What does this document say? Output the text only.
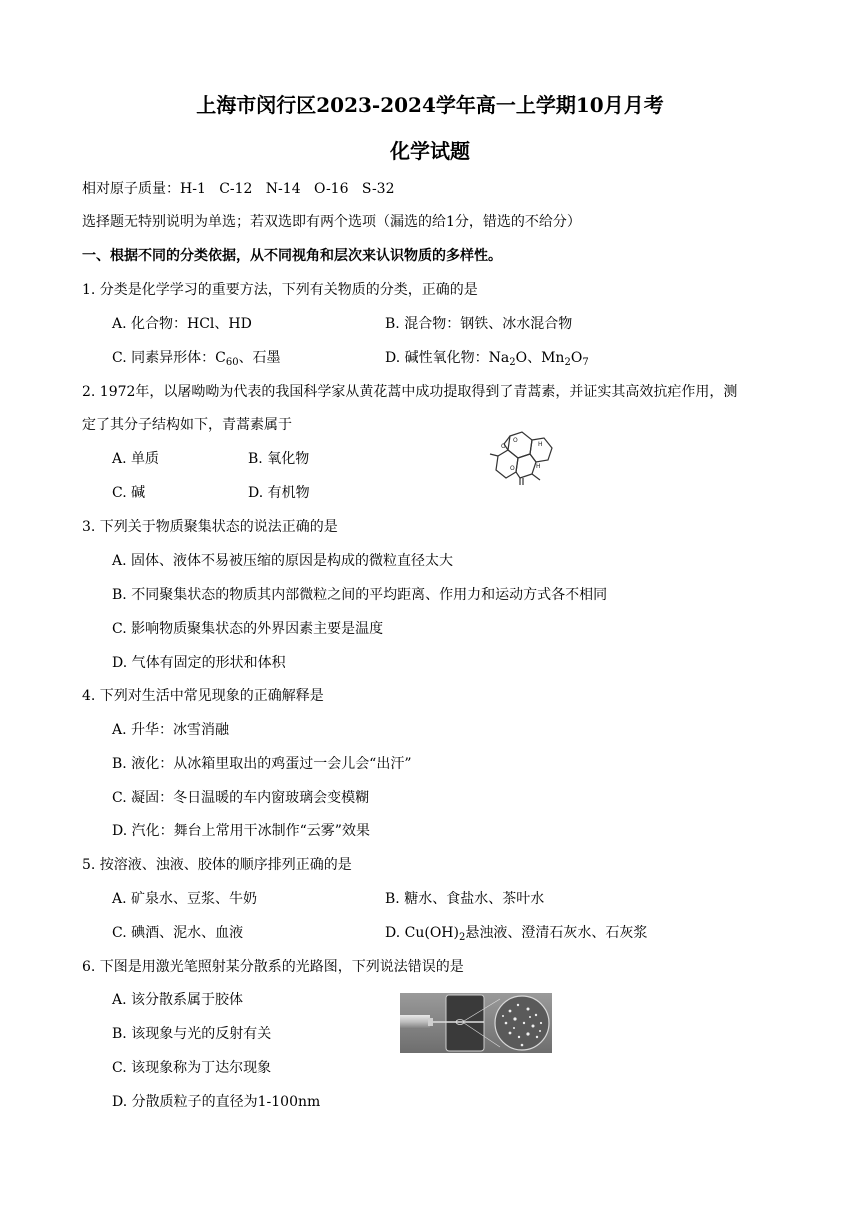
上海市闵行区2023-2024学年高一上学期10月月考
化学试题
相对原子质量：H-1   C-12   N-14   O-16   S-32
选择题无特别说明为单选；若双选即有两个选项（漏选的给1分，错选的不给分）
一、根据不同的分类依据，从不同视角和层次来认识物质的多样性。
1. 分类是化学学习的重要方法，下列有关物质的分类，正确的是
A. 化合物：HCl、HD	B. 混合物：钢铁、冰水混合物
C. 同素异形体：$C_{60}$、石墨	D. 碱性氧化物：$Na_2O$、$Mn_2O_7$
2. 1972年，以屠呦呦为代表的我国科学家从黄花蒿中成功提取得到了青蒿素，并证实其高效抗疟作用，测
定了其分子结构如下，青蒿素属于
A. 单质	B. 氧化物
C. 碱	D. 有机物
O
O
O	H
H
3. 下列关于物质聚集状态的说法正确的是
A. 固体、液体不易被压缩的原因是构成的微粒直径太大
B. 不同聚集状态的物质其内部微粒之间的平均距离、作用力和运动方式各不相同
C. 影响物质聚集状态的外界因素主要是温度
D. 气体有固定的形状和体积
4. 下列对生活中常见现象的正确解释是
A. 升华：冰雪消融
B. 液化：从冰箱里取出的鸡蛋过一会儿会“出汗”
C. 凝固：冬日温暖的车内窗玻璃会变模糊
D. 汽化：舞台上常用干冰制作“云雾”效果
5. 按溶液、浊液、胶体的顺序排列正确的是
A. 矿泉水、豆浆、牛奶	B. 糖水、食盐水、茶叶水
C. 碘酒、泥水、血液	D. $Cu(OH)_2$悬浊液、澄清石灰水、石灰浆
6. 下图是用激光笔照射某分散系的光路图，下列说法错误的是
A. 该分散系属于胶体
B. 该现象与光的反射有关
C. 该现象称为丁达尔现象
D. 分散质粒子的直径为1-100nm
